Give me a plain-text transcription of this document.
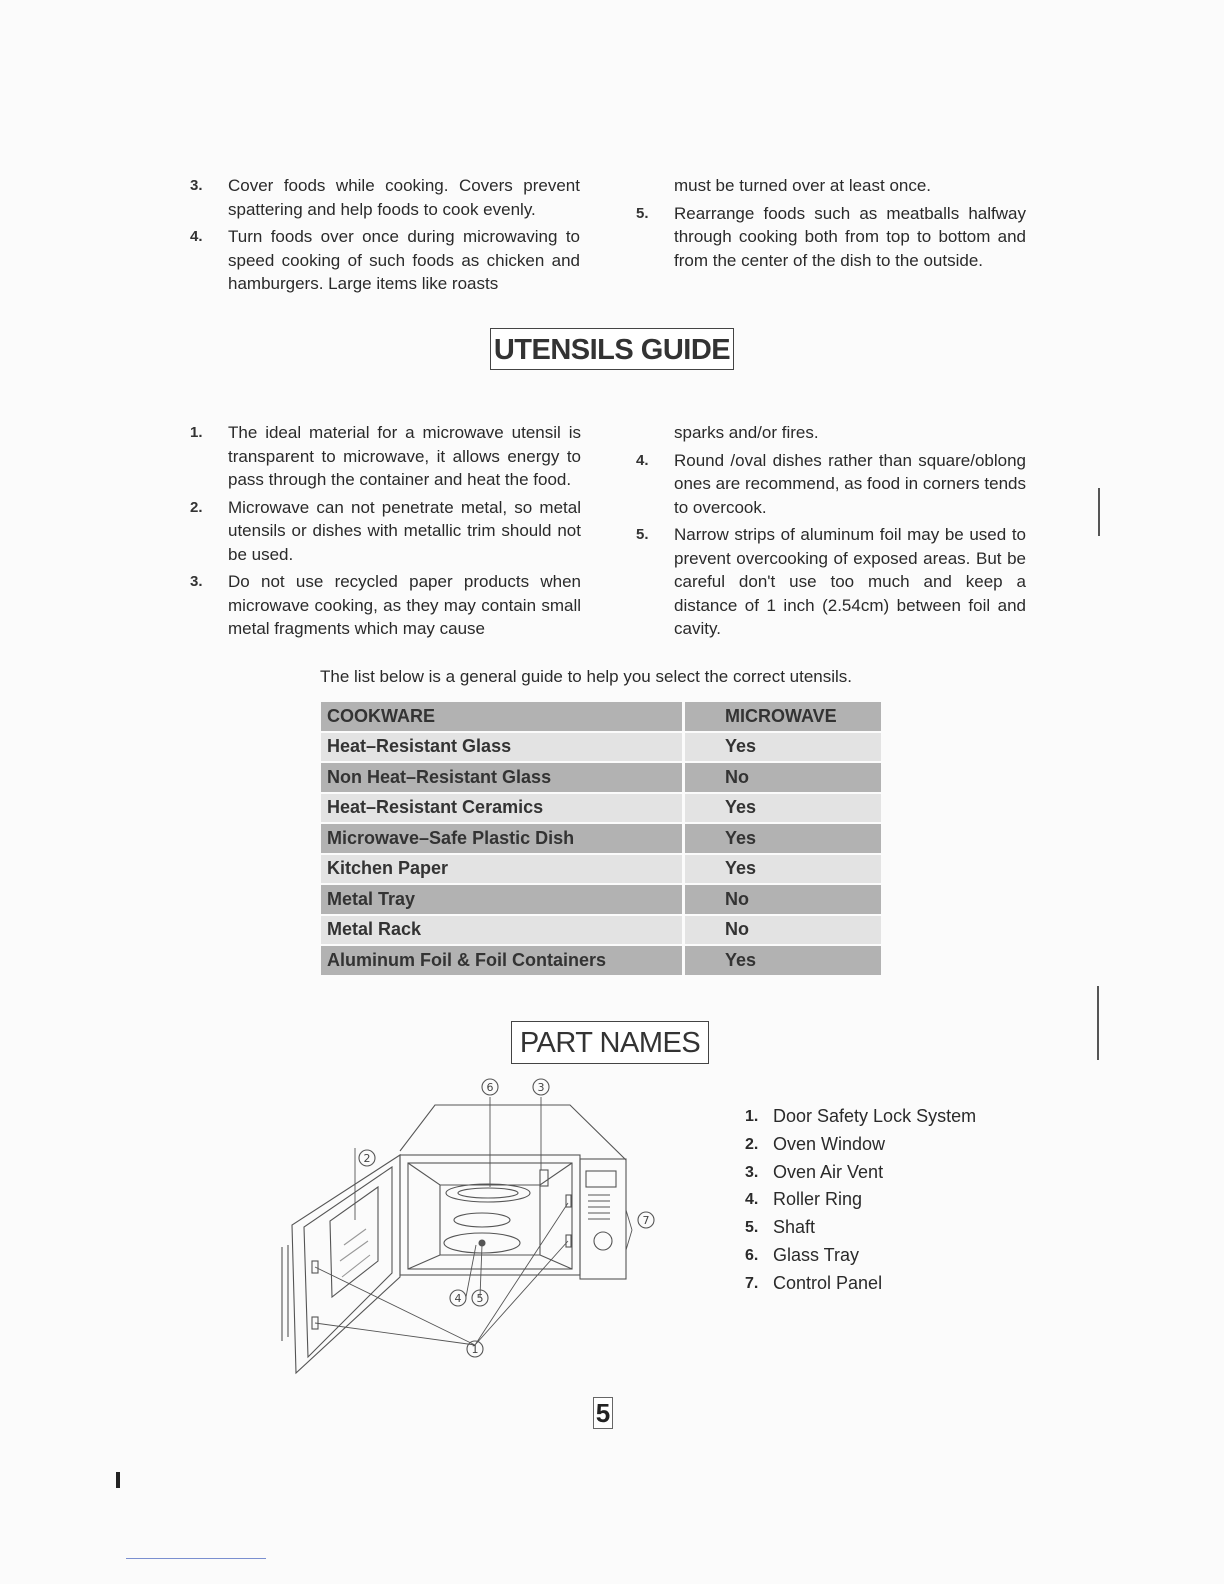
3.	Cover foods while cooking. Covers prevent spattering and help foods to cook evenly.
4.	Turn foods over once during microwaving to speed cooking of such foods as chicken and hamburgers. Large items like roasts
must be turned over at least once.
5.	Rearrange foods such as meatballs halfway through cooking both from top to bottom and from the center of the dish to the outside.
UTENSILS GUIDE
1.	The ideal material for a microwave utensil is transparent to microwave, it allows energy to pass through the container and heat the food.
2.	Microwave can not penetrate metal, so metal utensils or dishes with metallic trim should not be used.
3.	Do not use recycled paper products when microwave cooking, as they may contain small metal fragments which may cause
sparks and/or fires.
4.	Round /oval dishes rather than square/oblong ones are recommend, as food in corners tends to overcook.
5.	Narrow strips of aluminum foil may be used to prevent overcooking of exposed areas. But be careful don't use too much and keep a distance of 1 inch (2.54cm) between foil and cavity.
The list below is a general guide to help you select the correct utensils.
COOKWARE	MICROWAVE
Heat–Resistant Glass	Yes
Non Heat–Resistant Glass	No
Heat–Resistant Ceramics	Yes
Microwave–Safe Plastic Dish	Yes
Kitchen Paper	Yes
Metal Tray	No
Metal Rack	No
Aluminum Foil & Foil Containers	Yes
PART NAMES
6	3
2
7
4 5
1
1. Door Safety Lock System
2. Oven Window
3. Oven Air Vent
4. Roller Ring
5. Shaft
6. Glass Tray
7. Control Panel
5
